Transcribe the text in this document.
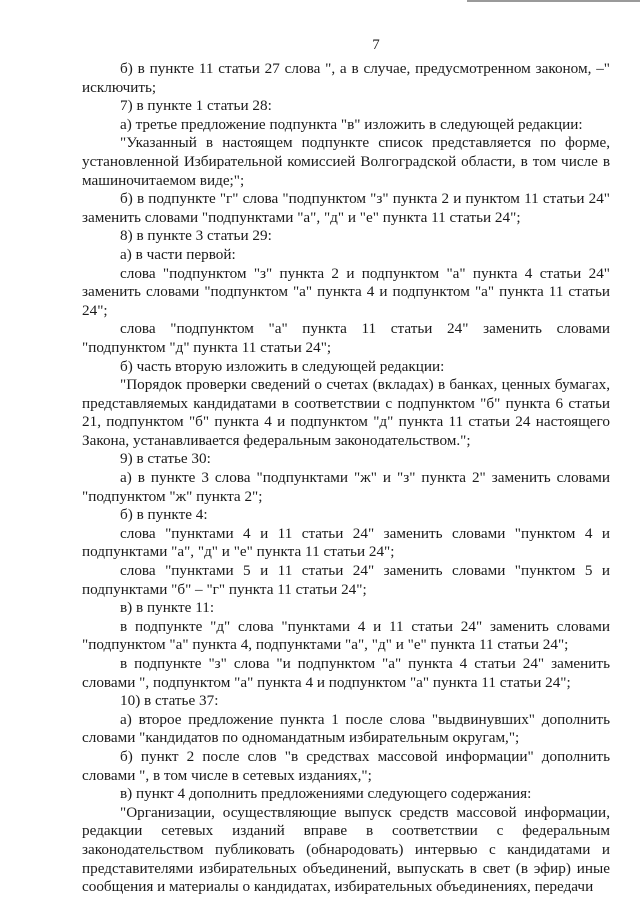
7

б) в пункте 11 статьи 27 слова ", а в случае, предусмотренном законом, –" исключить;

7) в пункте 1 статьи 28:

а) третье предложение подпункта "в" изложить в следующей редакции:

"Указанный в настоящем подпункте список представляется по форме, установленной Избирательной комиссией Волгоградской области, в том числе в машиночитаемом виде;";

б) в подпункте "г" слова "подпунктом "з" пункта 2 и пунктом 11 статьи 24" заменить словами "подпунктами "а", "д" и "е" пункта 11 статьи 24";

8) в пункте 3 статьи 29:

а) в части первой:

слова "подпунктом "з" пункта 2 и подпунктом "а" пункта 4 статьи 24" заменить словами "подпунктом "а" пункта 4 и подпунктом "а" пункта 11 статьи 24";

слова "подпунктом "а" пункта 11 статьи 24" заменить словами "подпунктом "д" пункта 11 статьи 24";

б) часть вторую изложить в следующей редакции:

"Порядок проверки сведений о счетах (вкладах) в банках, ценных бумагах, представляемых кандидатами в соответствии с подпунктом "б" пункта 6 статьи 21, подпунктом "б" пункта 4 и подпунктом "д" пункта 11 статьи 24 настоящего Закона, устанавливается федеральным законодательством.";

9) в статье 30:

а) в пункте 3 слова "подпунктами "ж" и "з" пункта 2" заменить словами "подпунктом "ж" пункта 2";

б) в пункте 4:

слова "пунктами 4 и 11 статьи 24" заменить словами "пунктом 4 и подпунктами "а", "д" и "е" пункта 11 статьи 24";

слова "пунктами 5 и 11 статьи 24" заменить словами "пунктом 5 и подпунктами "б" – "г" пункта 11 статьи 24";

в) в пункте 11:

в подпункте "д" слова "пунктами 4 и 11 статьи 24" заменить словами "подпунктом "а" пункта 4, подпунктами "а", "д" и "е" пункта 11 статьи 24";

в подпункте "з" слова "и подпунктом "а" пункта 4 статьи 24" заменить словами ", подпунктом "а" пункта 4 и подпунктом "а" пункта 11 статьи 24";

10) в статье 37:

а) второе предложение пункта 1 после слова "выдвинувших" дополнить словами "кандидатов по одномандатным избирательным округам,";

б) пункт 2 после слов "в средствах массовой информации" дополнить словами ", в том числе в сетевых изданиях,";

в) пункт 4 дополнить предложениями следующего содержания:

"Организации, осуществляющие выпуск средств массовой информации, редакции сетевых изданий вправе в соответствии с федеральным законодательством публиковать (обнародовать) интервью с кандидатами и представителями избирательных объединений, выпускать в свет (в эфир) иные сообщения и материалы о кандидатах, избирательных объединениях, передачи
